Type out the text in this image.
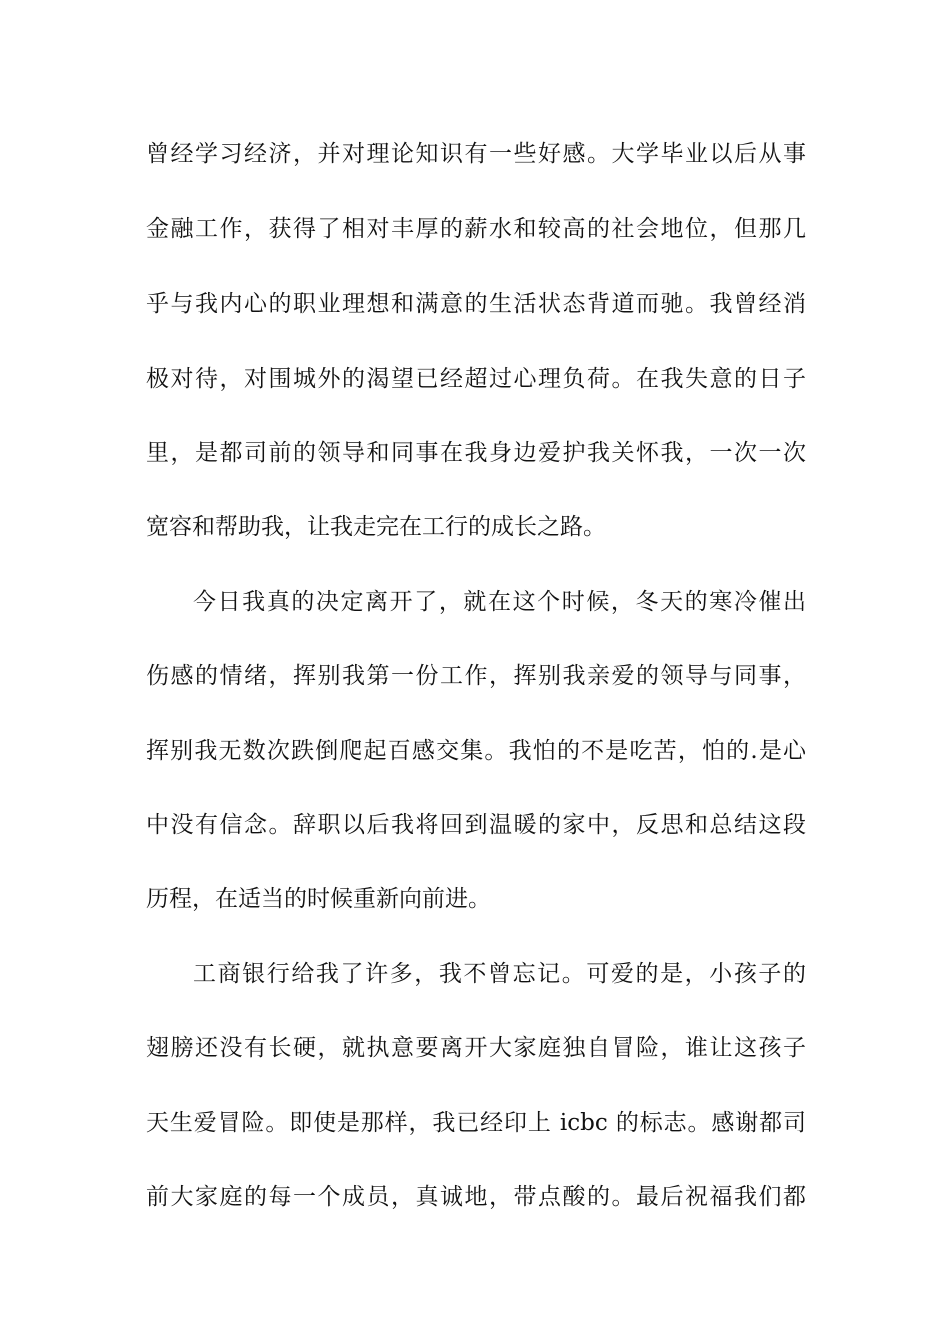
曾经学习经济，并对理论知识有一些好感。大学毕业以后从事
金融工作，获得了相对丰厚的薪水和较高的社会地位，但那几
乎与我内心的职业理想和满意的生活状态背道而驰。我曾经消
极对待，对围城外的渴望已经超过心理负荷。在我失意的日子
里，是都司前的领导和同事在我身边爱护我关怀我，一次一次
宽容和帮助我，让我走完在工行的成长之路。
今日我真的决定离开了，就在这个时候，冬天的寒冷催出
伤感的情绪，挥别我第一份工作，挥别我亲爱的领导与同事，
挥别我无数次跌倒爬起百感交集。我怕的不是吃苦，怕的.是心
中没有信念。辞职以后我将回到温暖的家中，反思和总结这段
历程，在适当的时候重新向前进。
工商银行给我了许多，我不曾忘记。可爱的是，小孩子的
翅膀还没有长硬，就执意要离开大家庭独自冒险，谁让这孩子
天生爱冒险。即使是那样，我已经印上 icbc 的标志。感谢都司
前大家庭的每一个成员，真诚地，带点酸的。最后祝福我们都
